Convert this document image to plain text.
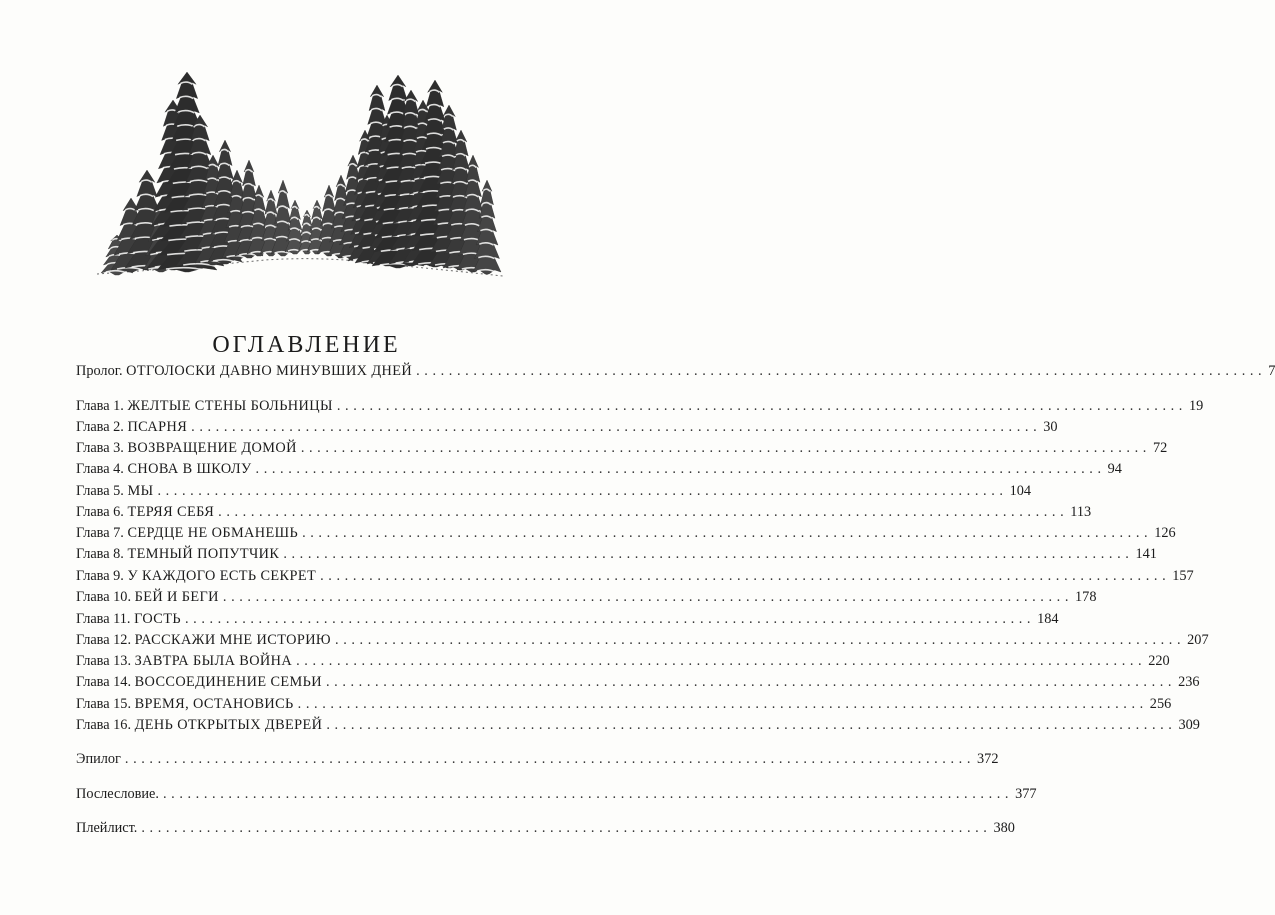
ОГЛАВЛЕНИЕ
Пролог. ОТГОЛОСКИ ДАВНО МИНУВШИХ ДНЕЙ ........................................................................................................ 7
Глава 1. ЖЕЛТЫЕ СТЕНЫ БОЛЬНИЦЫ ........................................................................................................ 19
Глава 2. ПСАРНЯ ........................................................................................................ 30
Глава 3. ВОЗВРАЩЕНИЕ ДОМОЙ ........................................................................................................ 72
Глава 4. СНОВА В ШКОЛУ ........................................................................................................ 94
Глава 5. МЫ ........................................................................................................ 104
Глава 6. ТЕРЯЯ СЕБЯ ........................................................................................................ 113
Глава 7. СЕРДЦЕ НЕ ОБМАНЕШЬ ........................................................................................................ 126
Глава 8. ТЕМНЫЙ ПОПУТЧИК ........................................................................................................ 141
Глава 9. У КАЖДОГО ЕСТЬ СЕКРЕТ ........................................................................................................ 157
Глава 10. БЕЙ И БЕГИ ........................................................................................................ 178
Глава 11. ГОСТЬ ........................................................................................................ 184
Глава 12. РАССКАЖИ МНЕ ИСТОРИЮ ........................................................................................................ 207
Глава 13. ЗАВТРА БЫЛА ВОЙНА ........................................................................................................ 220
Глава 14. ВОССОЕДИНЕНИЕ СЕМЬИ ........................................................................................................ 236
Глава 15. ВРЕМЯ, ОСТАНОВИСЬ ........................................................................................................ 256
Глава 16. ДЕНЬ ОТКРЫТЫХ ДВЕРЕЙ ........................................................................................................ 309
Эпилог ........................................................................................................ 372
Послесловие. ........................................................................................................ 377
Плейлист. ........................................................................................................ 380
